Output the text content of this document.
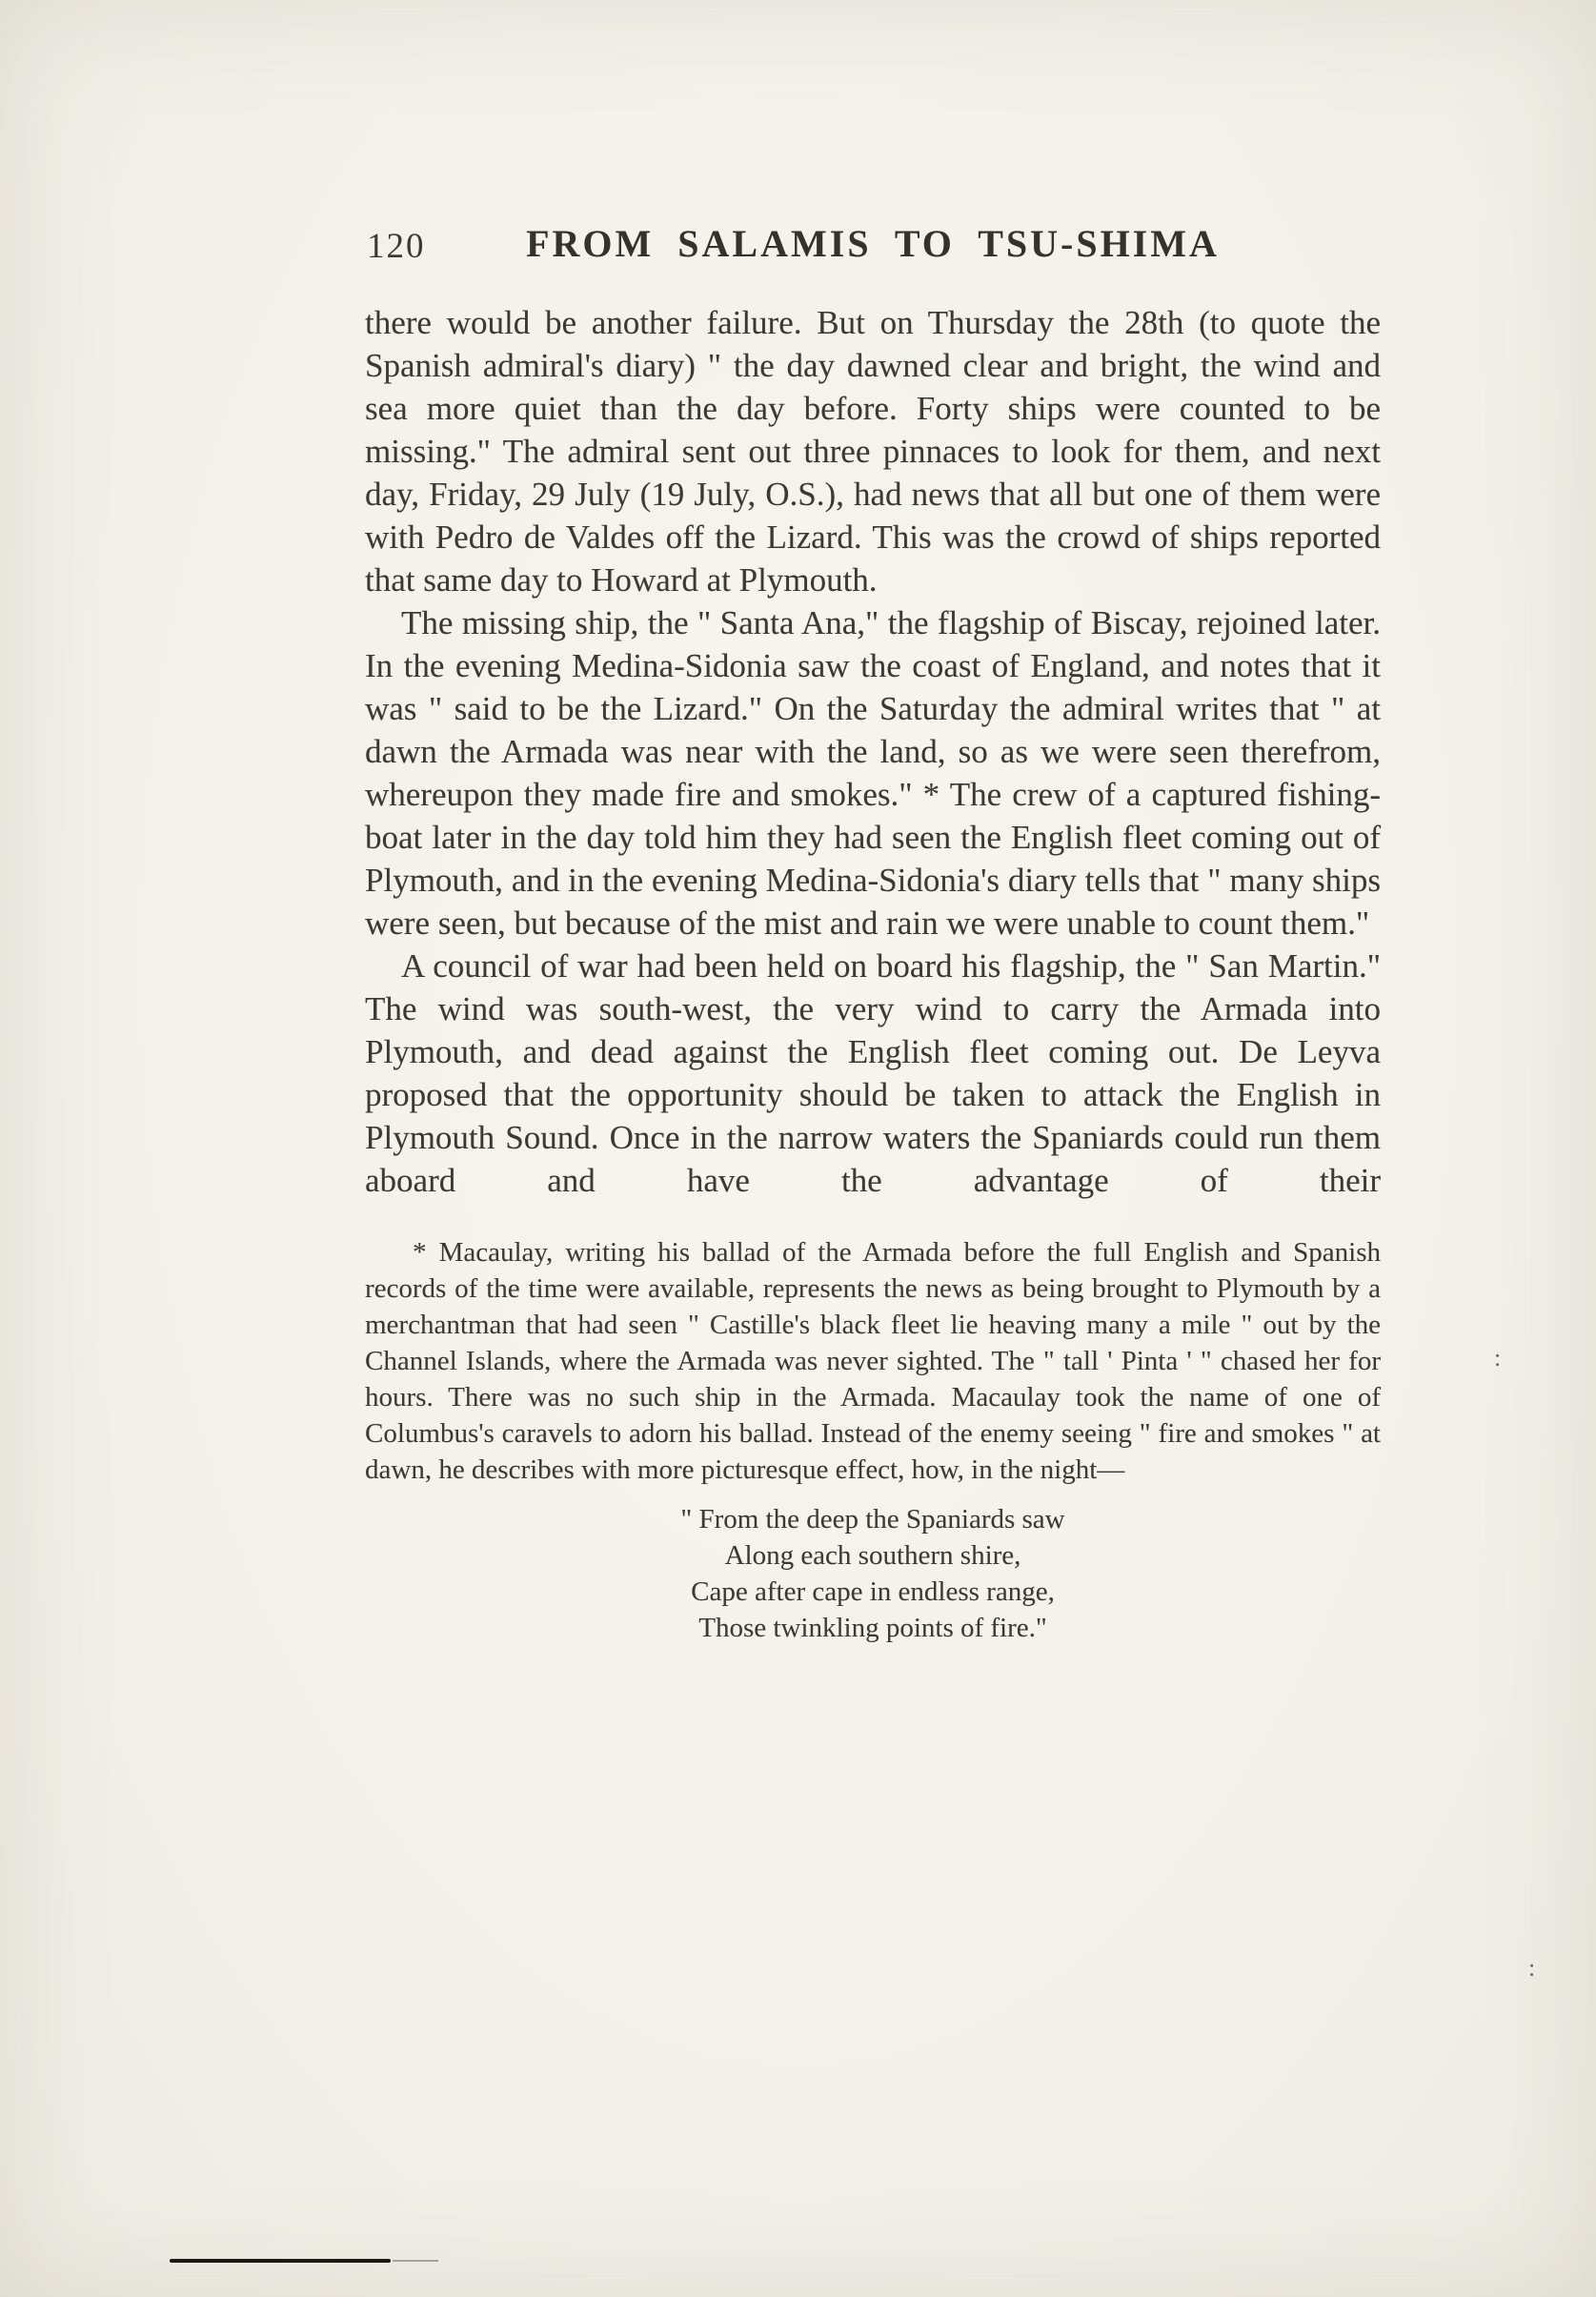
120	FROM SALAMIS TO TSU-SHIMA

there would be another failure. But on Thursday the 28th (to quote the Spanish admiral's diary) " the day dawned clear and bright, the wind and sea more quiet than the day before. Forty ships were counted to be missing." The admiral sent out three pinnaces to look for them, and next day, Friday, 29 July (19 July, O.S.), had news that all but one of them were with Pedro de Valdes off the Lizard. This was the crowd of ships reported that same day to Howard at Plymouth.

The missing ship, the " Santa Ana," the flagship of Biscay, rejoined later. In the evening Medina-Sidonia saw the coast of England, and notes that it was " said to be the Lizard." On the Saturday the admiral writes that " at dawn the Armada was near with the land, so as we were seen therefrom, whereupon they made fire and smokes." * The crew of a captured fishing-boat later in the day told him they had seen the English fleet coming out of Plymouth, and in the evening Medina-Sidonia's diary tells that " many ships were seen, but because of the mist and rain we were unable to count them."

A council of war had been held on board his flagship, the " San Martin." The wind was south-west, the very wind to carry the Armada into Plymouth, and dead against the English fleet coming out. De Leyva proposed that the opportunity should be taken to attack the English in Plymouth Sound. Once in the narrow waters the Spaniards could run them aboard and have the advantage of their

* Macaulay, writing his ballad of the Armada before the full English and Spanish records of the time were available, represents the news as being brought to Plymouth by a merchantman that had seen " Castille's black fleet lie heaving many a mile " out by the Channel Islands, where the Armada was never sighted. The " tall ' Pinta ' " chased her for hours. There was no such ship in the Armada. Macaulay took the name of one of Columbus's caravels to adorn his ballad. Instead of the enemy seeing " fire and smokes " at dawn, he describes with more picturesque effect, how, in the night—

" From the deep the Spaniards saw
Along each southern shire,
Cape after cape in endless range,
Those twinkling points of fire."
:
:
